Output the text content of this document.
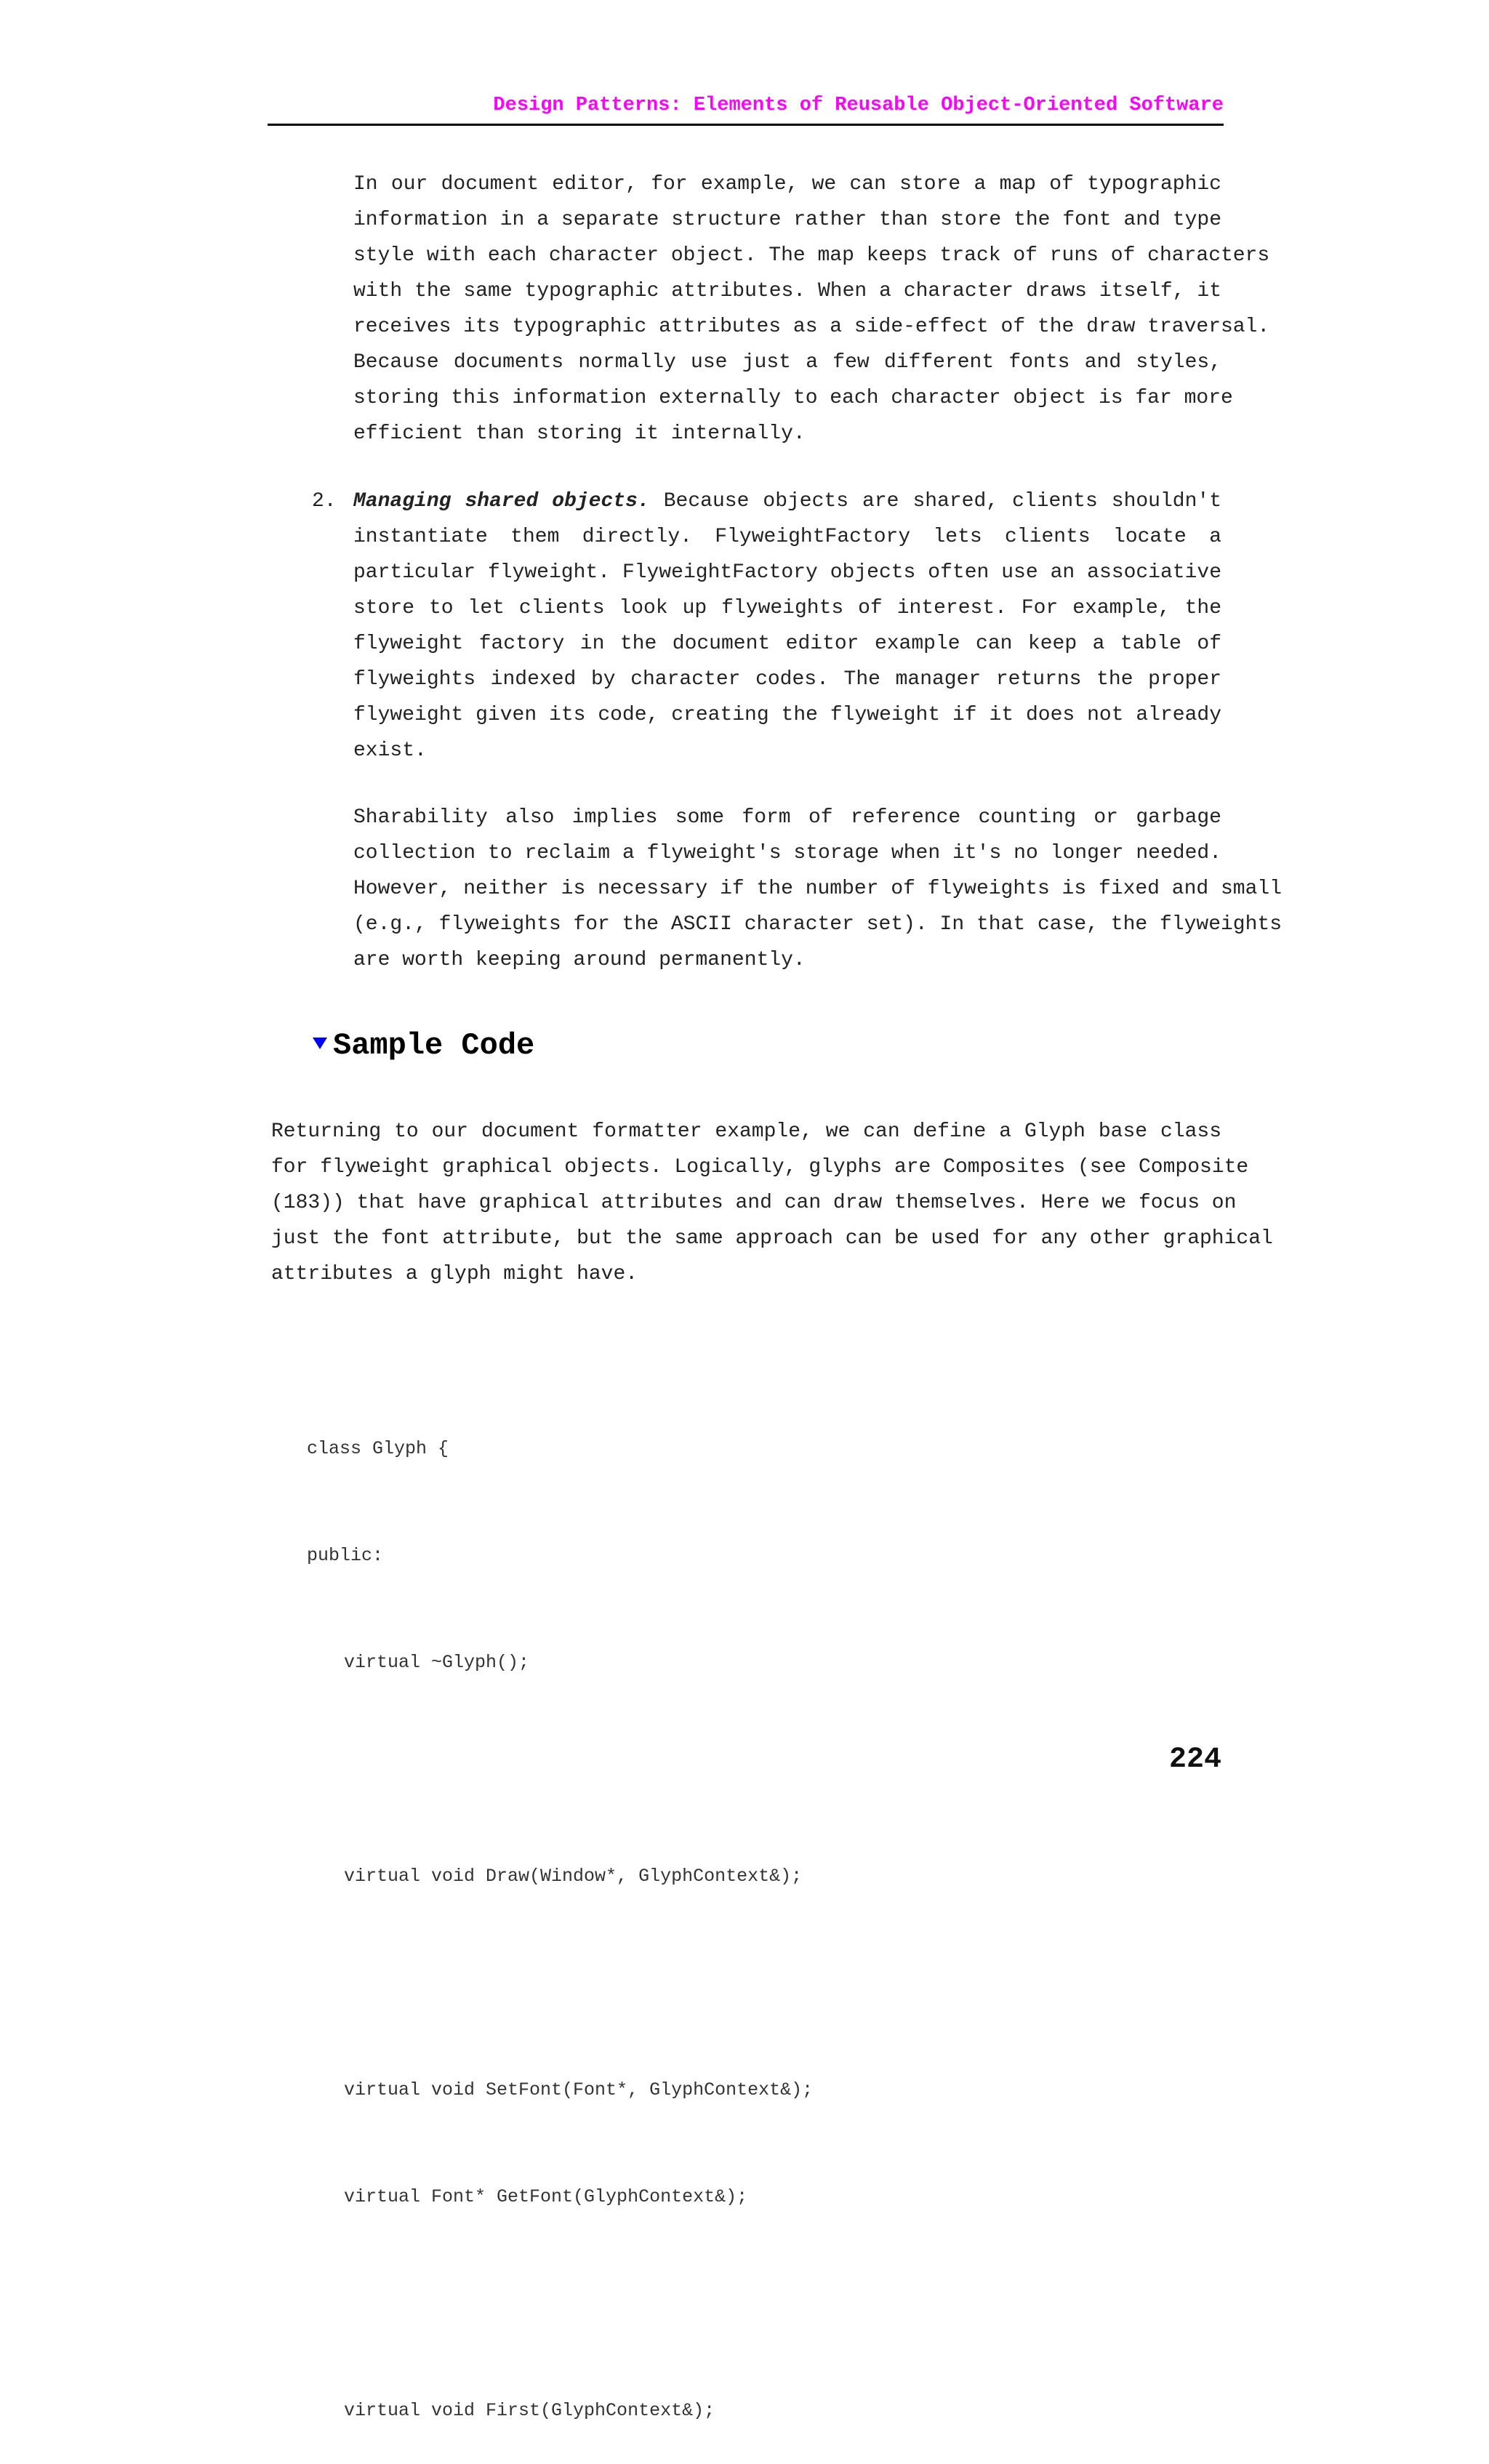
Design Patterns: Elements of Reusable Object-Oriented Software
In our document editor, for example, we can store a map of typographic
information in a separate structure rather than store the font and type
style with each character object. The map keeps track of runs of characters
with the same typographic attributes. When a character draws itself, it
receives its typographic attributes as a side-effect of the draw traversal.
Because documents normally use just a few different fonts and styles,
storing this information externally to each character object is far more
efficient than storing it internally.
2. Managing shared objects. Because objects are shared, clients shouldn't
instantiate them directly. FlyweightFactory lets clients locate a
particular flyweight. FlyweightFactory objects often use an associative
store to let clients look up flyweights of interest. For example, the
flyweight factory in the document editor example can keep a table of
flyweights indexed by character codes. The manager returns the proper
flyweight given its code, creating the flyweight if it does not already
exist.
Sharability also implies some form of reference counting or garbage
collection to reclaim a flyweight's storage when it's no longer needed.
However, neither is necessary if the number of flyweights is fixed and small
(e.g., flyweights for the ASCII character set). In that case, the flyweights
are worth keeping around permanently.
Sample Code
Returning to our document formatter example, we can define a Glyph base class
for flyweight graphical objects. Logically, glyphs are Composites (see Composite
(183)) that have graphical attributes and can draw themselves. Here we focus on
just the font attribute, but the same approach can be used for any other graphical
attributes a glyph might have.

class Glyph {

public:

virtual ~Glyph();

virtual void Draw(Window*, GlyphContext&);

virtual void SetFont(Font*, GlyphContext&);

virtual Font* GetFont(GlyphContext&);

virtual void First(GlyphContext&);

224
